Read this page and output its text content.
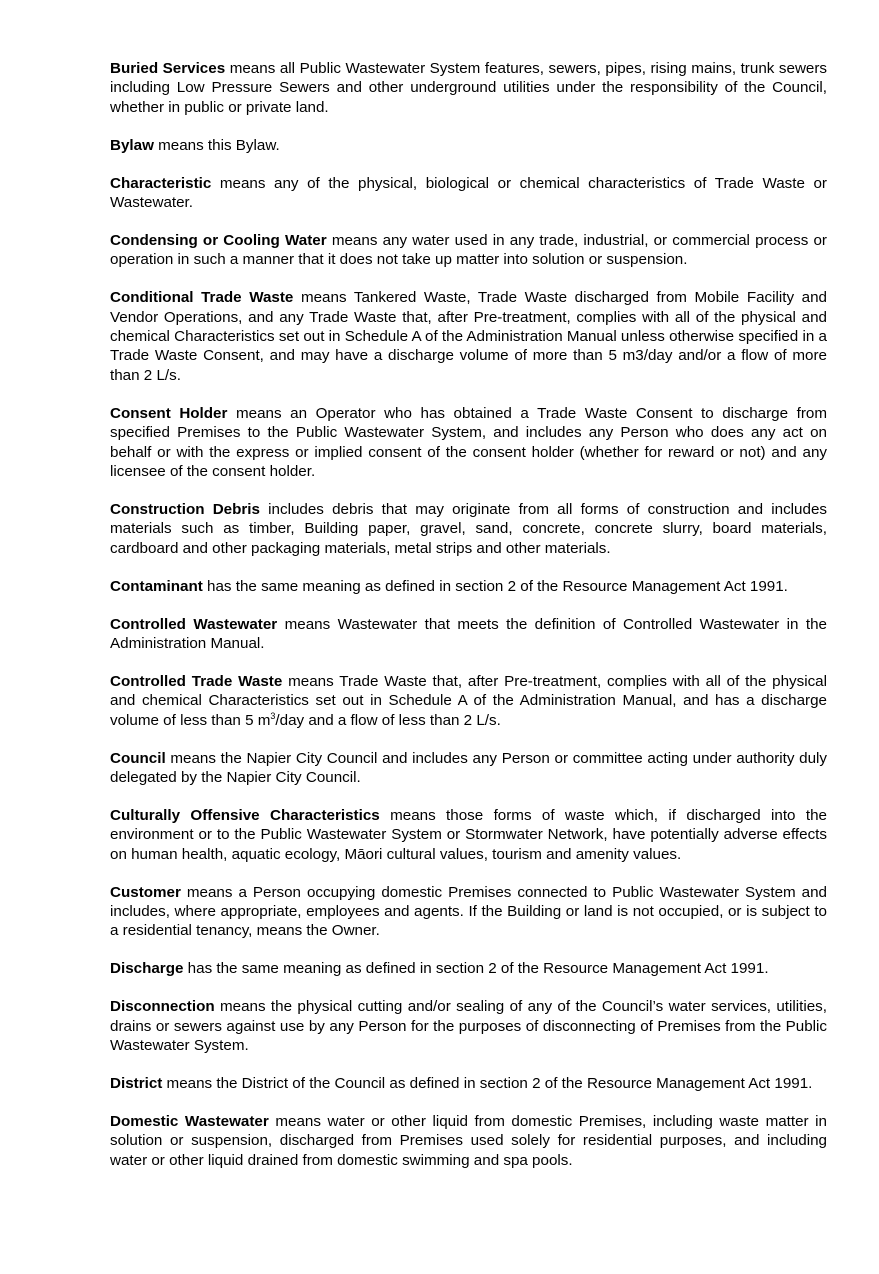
Buried Services means all Public Wastewater System features, sewers, pipes, rising mains, trunk sewers including Low Pressure Sewers and other underground utilities under the responsibility of the Council, whether in public or private land.

Bylaw means this Bylaw.

Characteristic means any of the physical, biological or chemical characteristics of Trade Waste or Wastewater.

Condensing or Cooling Water means any water used in any trade, industrial, or commercial process or operation in such a manner that it does not take up matter into solution or suspension.

Conditional Trade Waste means Tankered Waste, Trade Waste discharged from Mobile Facility and Vendor Operations, and any Trade Waste that, after Pre-treatment, complies with all of the physical and chemical Characteristics set out in Schedule A of the Administration Manual unless otherwise specified in a Trade Waste Consent, and may have a discharge volume of more than 5 m3/day and/or a flow of more than 2 L/s.

Consent Holder means an Operator who has obtained a Trade Waste Consent to discharge from specified Premises to the Public Wastewater System, and includes any Person who does any act on behalf or with the express or implied consent of the consent holder (whether for reward or not) and any licensee of the consent holder.

Construction Debris includes debris that may originate from all forms of construction and includes materials such as timber, Building paper, gravel, sand, concrete, concrete slurry, board materials, cardboard and other packaging materials, metal strips and other materials.

Contaminant has the same meaning as defined in section 2 of the Resource Management Act 1991.

Controlled Wastewater means Wastewater that meets the definition of Controlled Wastewater in the Administration Manual.

Controlled Trade Waste means Trade Waste that, after Pre-treatment, complies with all of the physical and chemical Characteristics set out in Schedule A of the Administration Manual, and has a discharge volume of less than 5 $m^3$/day and a flow of less than 2 L/s.

Council means the Napier City Council and includes any Person or committee acting under authority duly delegated by the Napier City Council.

Culturally Offensive Characteristics means those forms of waste which, if discharged into the environment or to the Public Wastewater System or Stormwater Network, have potentially adverse effects on human health, aquatic ecology, Māori cultural values, tourism and amenity values.

Customer means a Person occupying domestic Premises connected to Public Wastewater System and includes, where appropriate, employees and agents. If the Building or land is not occupied, or is subject to a residential tenancy, means the Owner.

Discharge has the same meaning as defined in section 2 of the Resource Management Act 1991.

Disconnection means the physical cutting and/or sealing of any of the Council’s water services, utilities, drains or sewers against use by any Person for the purposes of disconnecting of Premises from the Public Wastewater System.

District means the District of the Council as defined in section 2 of the Resource Management Act 1991.

Domestic Wastewater means water or other liquid from domestic Premises, including waste matter in solution or suspension, discharged from Premises used solely for residential purposes, and including water or other liquid drained from domestic swimming and spa pools.
